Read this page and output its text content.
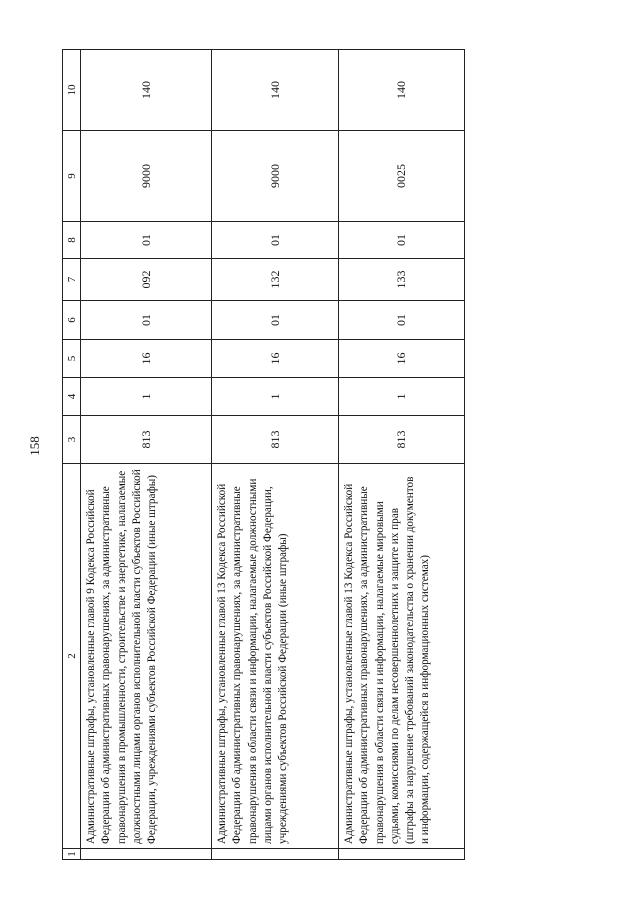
158
1	2	3	4	5	6	7	8	9	10
	Административные штрафы, установленные главой 9 Кодекса Российской Федерации об административных правонарушениях, за административные правонарушения в промышленности, строительстве и энергетике, налагаемые должностными лицами органов исполнительной власти субъектов Российской Федерации, учреждениями субъектов Российской Федерации (иные штрафы)	813	1	16	01	092	01	9000	140
	Административные штрафы, установленные главой 13 Кодекса Российской Федерации об административных правонарушениях, за административные правонарушения в области связи и информации, налагаемые должностными лицами органов исполнительной власти субъектов Российской Федерации, учреждениями субъектов Российской Федерации (иные штрафы)	813	1	16	01	132	01	9000	140
	Административные штрафы, установленные главой 13 Кодекса Российской Федерации об административных правонарушениях, за административные правонарушения в области связи и информации, налагаемые мировыми судьями, комиссиями по делам несовершеннолетних и защите их прав (штрафы за нарушение требований законодательства о хранении документов и информации, содержащейся в информационных системах)	813	1	16	01	133	01	0025	140
